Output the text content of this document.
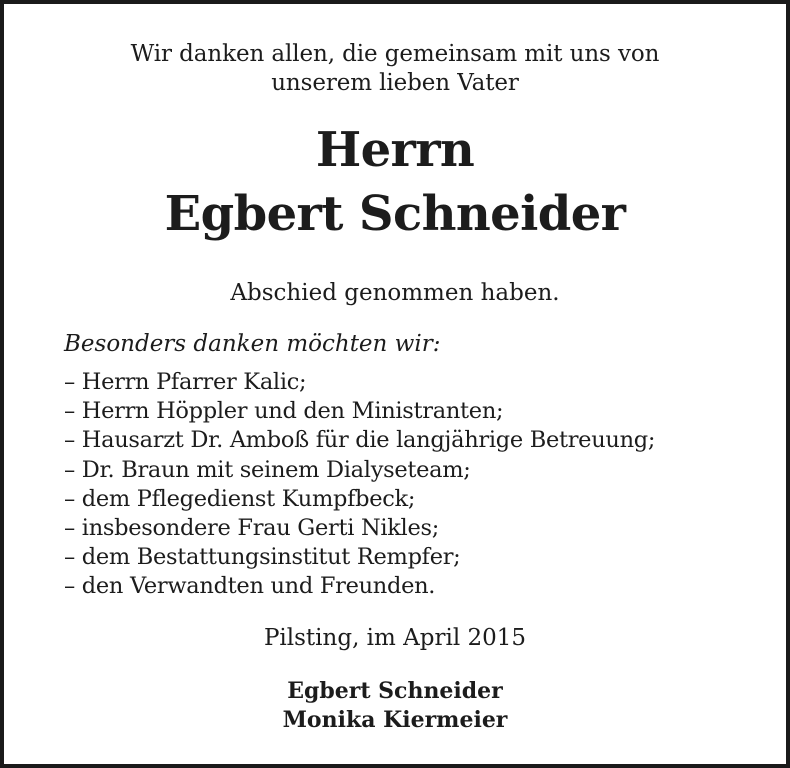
Wir danken allen, die gemeinsam mit uns von
unserem lieben Vater
Herrn
Egbert Schneider
Abschied genommen haben.
Besonders danken möchten wir:
– Herrn Pfarrer Kalic;
– Herrn Höppler und den Ministranten;
– Hausarzt Dr. Amboß für die langjährige Betreuung;
– Dr. Braun mit seinem Dialyseteam;
– dem Pflegedienst Kumpfbeck;
– insbesondere Frau Gerti Nikles;
– dem Bestattungsinstitut Rempfer;
– den Verwandten und Freunden.
Pilsting, im April 2015
Egbert Schneider
Monika Kiermeier
